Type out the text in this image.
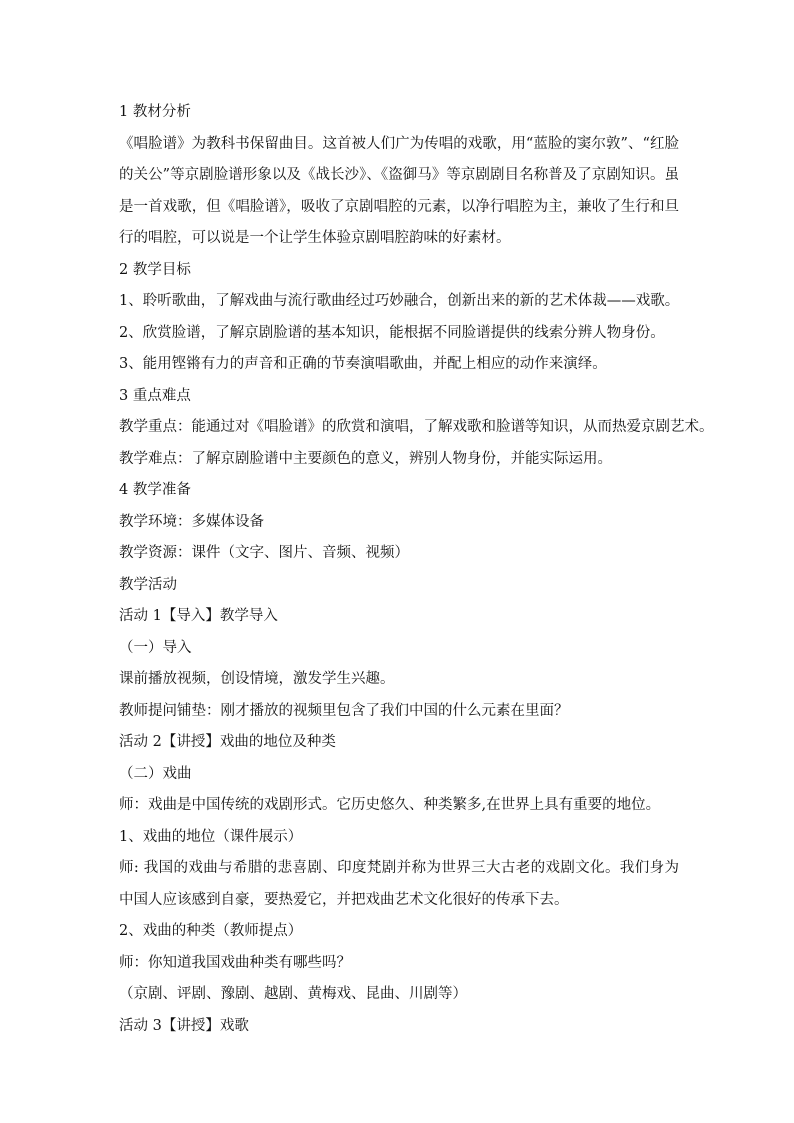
1 教材分析
《唱脸谱》为教科书保留曲目。这首被人们广为传唱的戏歌，用“蓝脸的窦尔敦”、“红脸的关公”等京剧脸谱形象以及《战长沙》、《盗御马》等京剧剧目名称普及了京剧知识。虽是一首戏歌，但《唱脸谱》，吸收了京剧唱腔的元素，以净行唱腔为主，兼收了生行和旦行的唱腔，可以说是一个让学生体验京剧唱腔韵味的好素材。
2 教学目标
1、聆听歌曲，了解戏曲与流行歌曲经过巧妙融合，创新出来的新的艺术体裁——戏歌。
2、欣赏脸谱，了解京剧脸谱的基本知识，能根据不同脸谱提供的线索分辨人物身份。
3、能用铿锵有力的声音和正确的节奏演唱歌曲，并配上相应的动作来演绎。
3 重点难点
教学重点：能通过对《唱脸谱》的欣赏和演唱，了解戏歌和脸谱等知识，从而热爱京剧艺术。
教学难点：了解京剧脸谱中主要颜色的意义，辨别人物身份，并能实际运用。
4 教学准备
教学环境：多媒体设备
教学资源：课件（文字、图片、音频、视频）
教学活动
活动 1【导入】教学导入
（一）导入
课前播放视频，创设情境，激发学生兴趣。
教师提问铺垫：刚才播放的视频里包含了我们中国的什么元素在里面？
活动 2【讲授】戏曲的地位及种类
（二）戏曲
师：戏曲是中国传统的戏剧形式。它历史悠久、种类繁多,在世界上具有重要的地位。
1、戏曲的地位（课件展示）
师: 我国的戏曲与希腊的悲喜剧、印度梵剧并称为世界三大古老的戏剧文化。我们身为中国人应该感到自豪，要热爱它，并把戏曲艺术文化很好的传承下去。
2、戏曲的种类（教师提点）
师：你知道我国戏曲种类有哪些吗？
（京剧、评剧、豫剧、越剧、黄梅戏、昆曲、川剧等）
活动 3【讲授】戏歌
